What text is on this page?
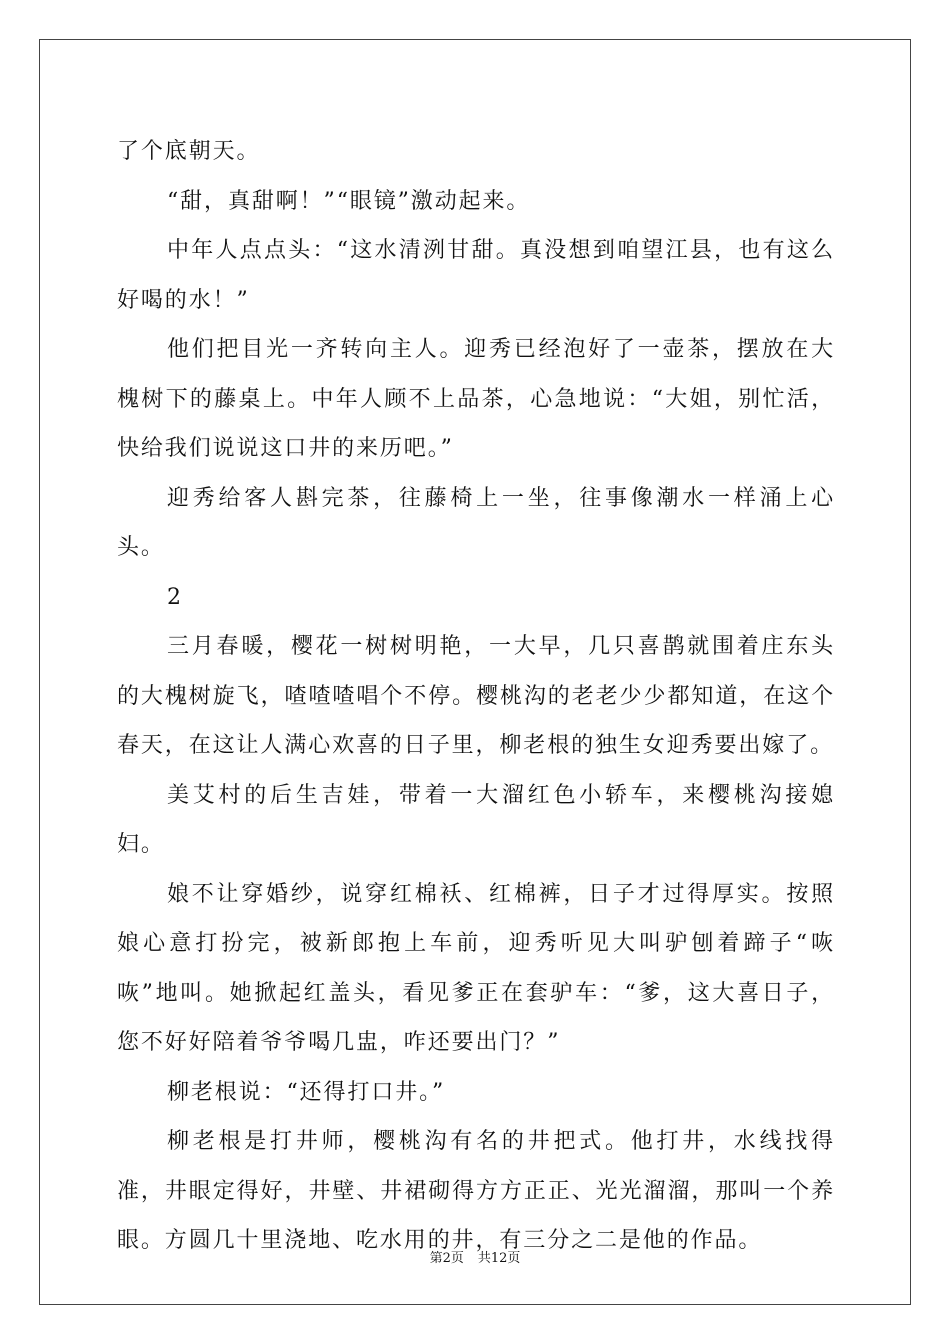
了个底朝天。

“甜，真甜啊！”“眼镜”激动起来。

中年人点点头：“这水清洌甘甜。真没想到咱望江县，也有这么好喝的水！”

他们把目光一齐转向主人。迎秀已经泡好了一壶茶，摆放在大槐树下的藤桌上。中年人顾不上品茶，心急地说：“大姐，别忙活，快给我们说说这口井的来历吧。”

迎秀给客人斟完茶，往藤椅上一坐，往事像潮水一样涌上心头。

2

三月春暖，樱花一树树明艳，一大早，几只喜鹊就围着庄东头的大槐树旋飞，喳喳喳唱个不停。樱桃沟的老老少少都知道，在这个春天，在这让人满心欢喜的日子里，柳老根的独生女迎秀要出嫁了。

美艾村的后生吉娃，带着一大溜红色小轿车，来樱桃沟接媳妇。

娘不让穿婚纱，说穿红棉袄、红棉裤，日子才过得厚实。按照娘心意打扮完，被新郎抱上车前，迎秀听见大叫驴刨着蹄子“咴咴”地叫。她掀起红盖头，看见爹正在套驴车：“爹，这大喜日子，您不好好陪着爷爷喝几盅，咋还要出门？”

柳老根说：“还得打口井。”

柳老根是打井师，樱桃沟有名的井把式。他打井，水线找得准，井眼定得好，井壁、井裙砌得方方正正、光光溜溜，那叫一个养眼。方圆几十里浇地、吃水用的井，有三分之二是他的作品。

第2页 共12页
